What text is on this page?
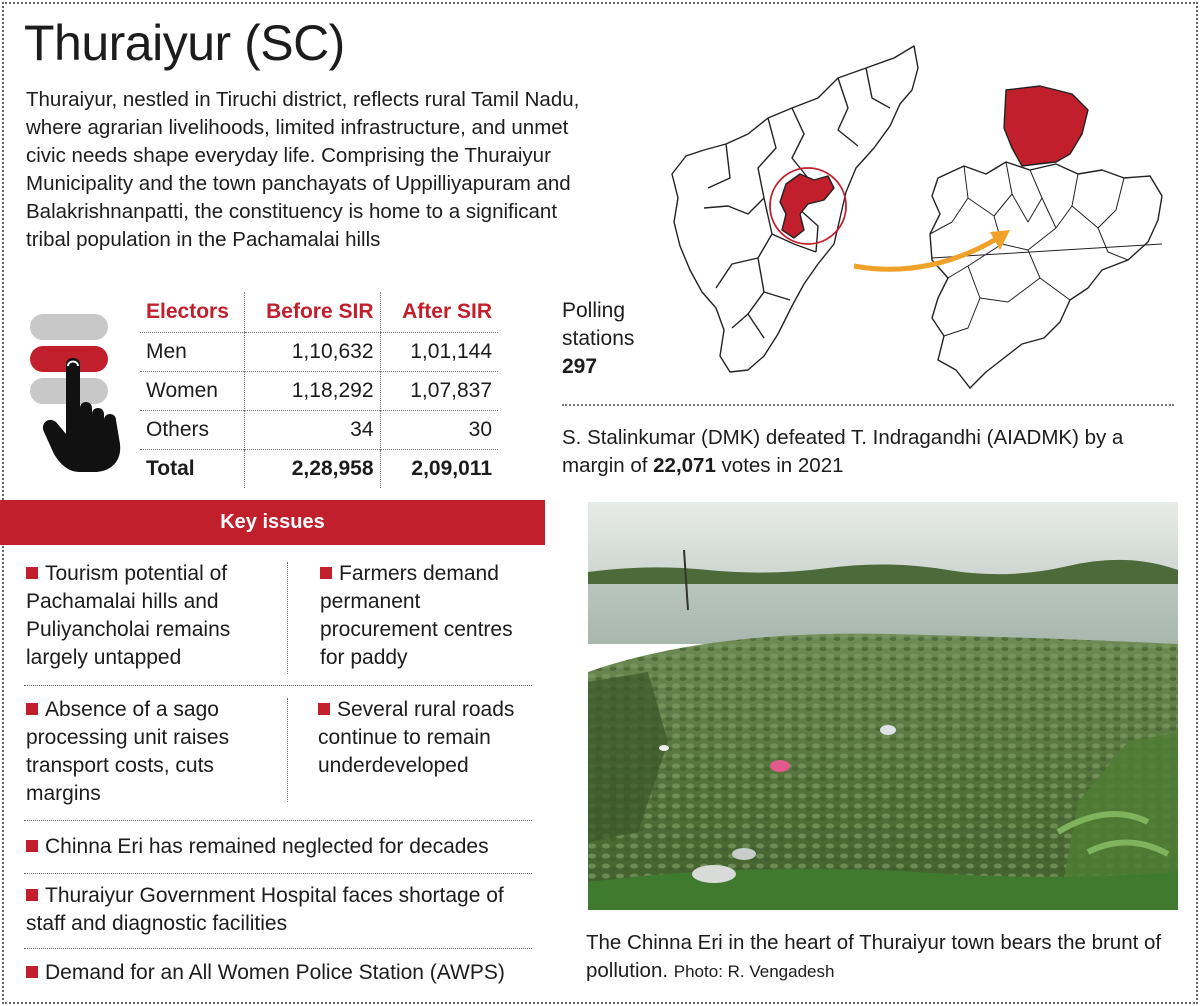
Thuraiyur (SC)

Thuraiyur, nestled in Tiruchi district, reflects rural Tamil Nadu, where agrarian livelihoods, limited infrastructure, and unmet civic needs shape everyday life. Comprising the Thuraiyur Municipality and the town panchayats of Uppilliyapuram and Balakrishnanpatti, the constituency is home to a significant tribal population in the Pachamalai hills

Electors	Before SIR	After SIR
Men	1,10,632	1,01,144
Women	1,18,292	1,07,837
Others	34	30
Total	2,28,958	2,09,011
Polling stations
297

S. Stalinkumar (DMK) defeated T. Indragandhi (AIADMK) by a margin of 22,071 votes in 2021

Key issues
Tourism potential of Pachamalai hills and Puliyancholai remains largely untapped
Farmers demand permanent procurement centres for paddy
Absence of a sago processing unit raises transport costs, cuts margins
Several rural roads continue to remain underdeveloped
Chinna Eri has remained neglected for decades
Thuraiyur Government Hospital faces shortage of staff and diagnostic facilities
Demand for an All Women Police Station (AWPS)

The Chinna Eri in the heart of Thuraiyur town bears the brunt of pollution. Photo: R. Vengadesh
